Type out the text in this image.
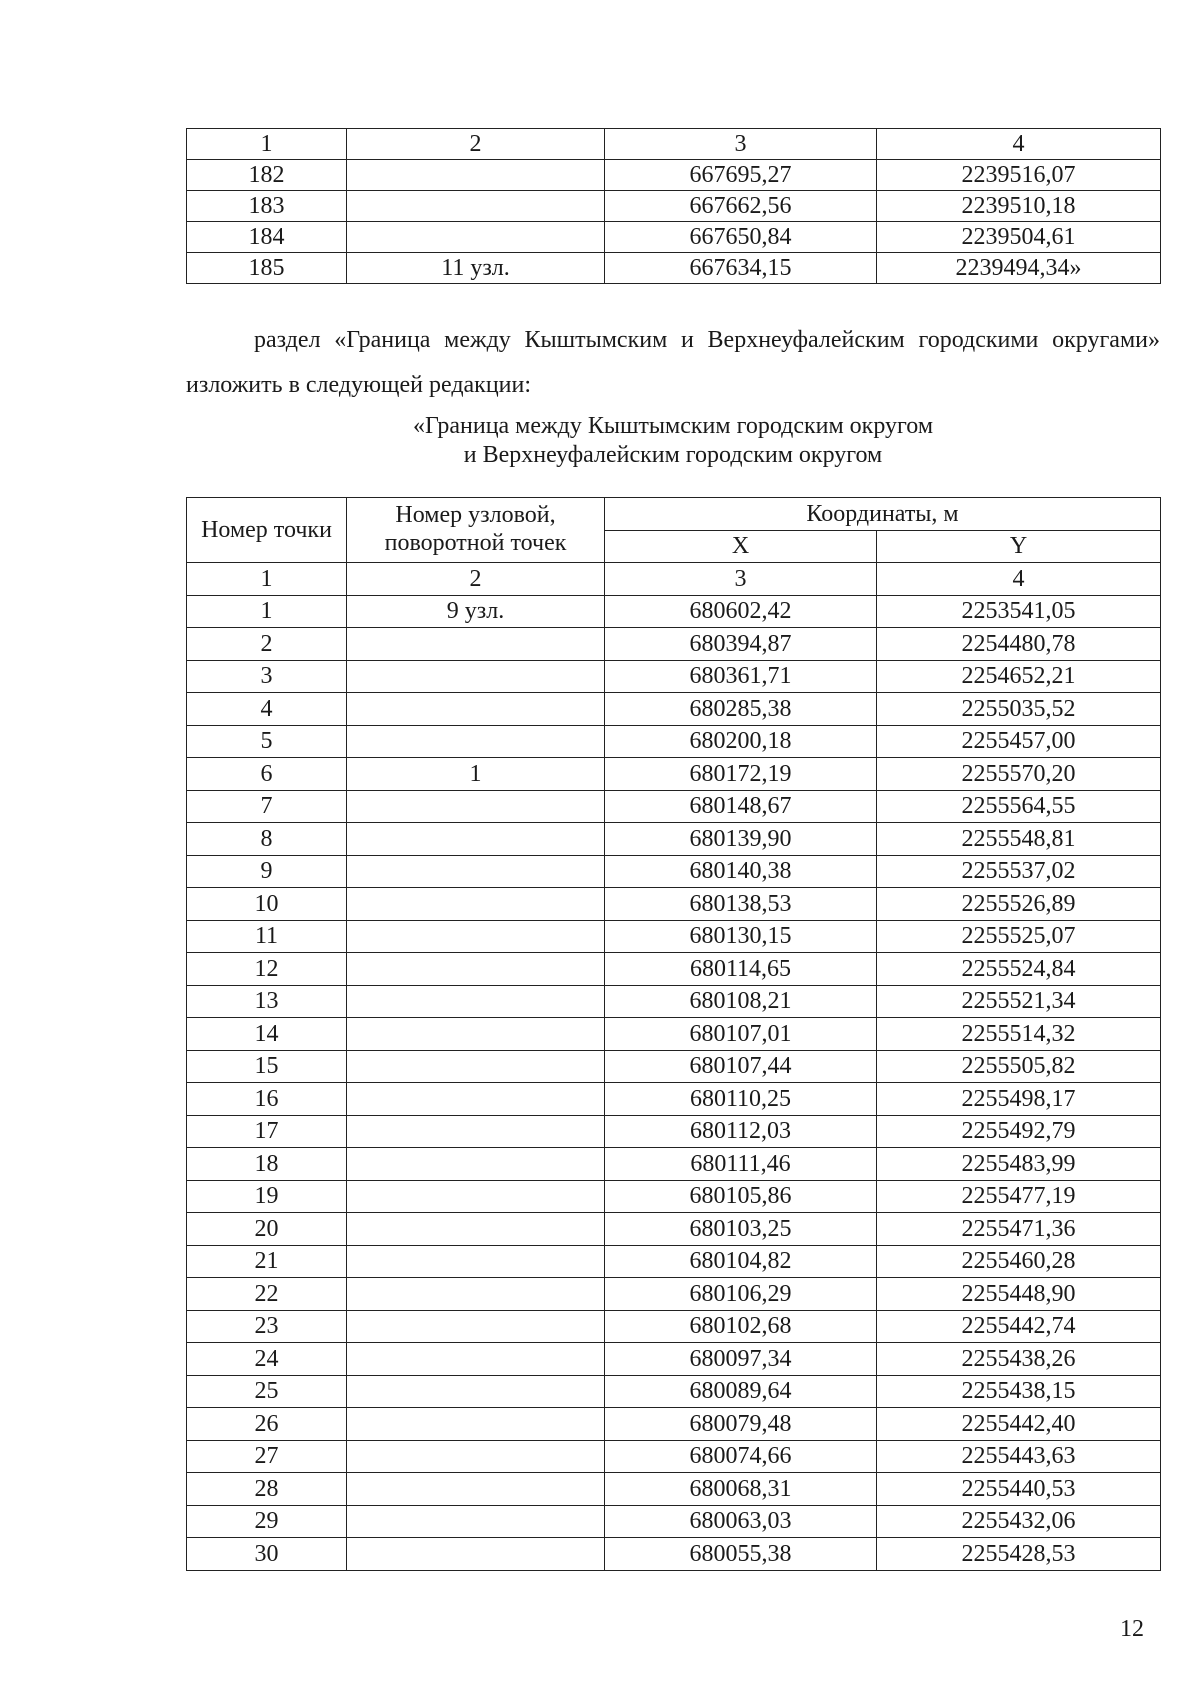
1	2	3	4
182		667695,27	2239516,07
183		667662,56	2239510,18
184		667650,84	2239504,61
185	11 узл.	667634,15	2239494,34»
раздел «Граница между Кыштымским и Верхнеуфалейским городскими округами» изложить в следующей редакции:
«Граница между Кыштымским городским округом
и Верхнеуфалейским городским округом
Номер точки	Номер узловой, поворотной точек	Координаты, м	
		X	Y
1	2	3	4
1	9 узл.	680602,42	2253541,05
2		680394,87	2254480,78
3		680361,71	2254652,21
4		680285,38	2255035,52
5		680200,18	2255457,00
6	1	680172,19	2255570,20
7		680148,67	2255564,55
8		680139,90	2255548,81
9		680140,38	2255537,02
10		680138,53	2255526,89
11		680130,15	2255525,07
12		680114,65	2255524,84
13		680108,21	2255521,34
14		680107,01	2255514,32
15		680107,44	2255505,82
16		680110,25	2255498,17
17		680112,03	2255492,79
18		680111,46	2255483,99
19		680105,86	2255477,19
20		680103,25	2255471,36
21		680104,82	2255460,28
22		680106,29	2255448,90
23		680102,68	2255442,74
24		680097,34	2255438,26
25		680089,64	2255438,15
26		680079,48	2255442,40
27		680074,66	2255443,63
28		680068,31	2255440,53
29		680063,03	2255432,06
30		680055,38	2255428,53
12
